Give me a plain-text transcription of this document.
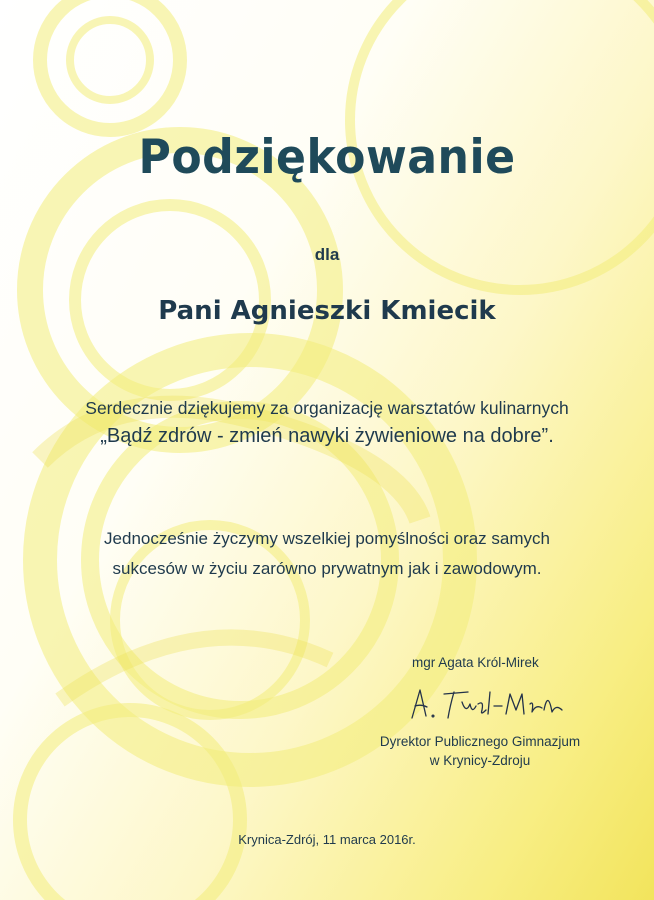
Podziękowanie
dla
Pani Agnieszki Kmiecik
Serdecznie dziękujemy za organizację warsztatów kulinarnych
„Bądź zdrów - zmień nawyki żywieniowe na dobre”.
Jednocześnie życzymy wszelkiej pomyślności oraz samych
sukcesów w życiu zarówno prywatnym jak i zawodowym.
mgr Agata Król-Mirek
Dyrektor Publicznego Gimnazjum
w Krynicy-Zdroju
Krynica-Zdrój, 11 marca 2016r.
